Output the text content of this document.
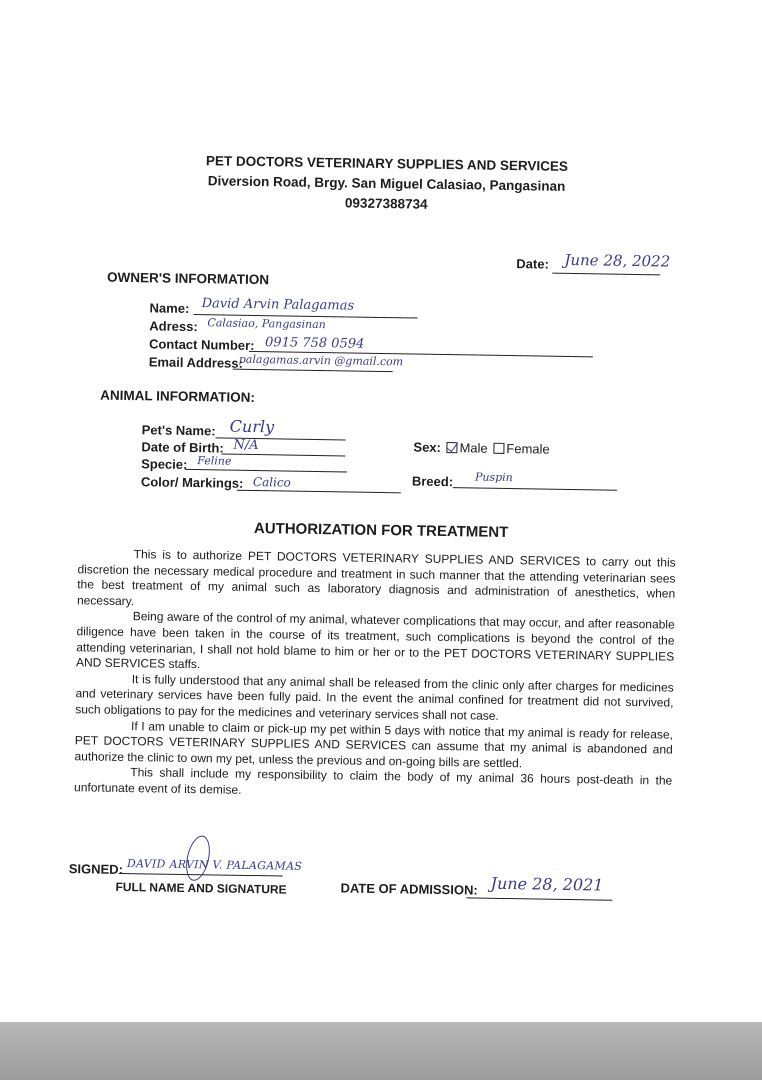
PET DOCTORS VETERINARY SUPPLIES AND SERVICES
Diversion Road, Brgy. San Miguel Calasiao, Pangasinan
09327388734
Date: June 28, 2022
OWNER'S INFORMATION
Name: David Arvin Palagamas
Adress: Calasiao, Pangasinan
Contact Number: 0915 758 0594
Email Address:
palagamas.arvin @gmail.com
ANIMAL INFORMATION:
Pet's Name: Curly
Date of Birth: N/A
Specie: Feline
Color/ Markings: Calico
Sex: Male Female
Breed: Puspin
AUTHORIZATION FOR TREATMENT

This is to authorize PET DOCTORS VETERINARY SUPPLIES AND SERVICES to carry out this discretion the necessary medical procedure and treatment in such manner that the attending veterinarian sees the best treatment of my animal such as laboratory diagnosis and administration of anesthetics, when necessary.

Being aware of the control of my animal, whatever complications that may occur, and after reasonable diligence have been taken in the course of its treatment, such complications is beyond the control of the attending veterinarian, I shall not hold blame to him or her or to the PET DOCTORS VETERINARY SUPPLIES AND SERVICES staffs.

It is fully understood that any animal shall be released from the clinic only after charges for medicines and veterinary services have been fully paid. In the event the animal confined for treatment did not survived, such obligations to pay for the medicines and veterinary services shall not case.

If I am unable to claim or pick-up my pet within 5 days with notice that my animal is ready for release, PET DOCTORS VETERINARY SUPPLIES AND SERVICES can assume that my animal is abandoned and authorize the clinic to own my pet, unless the previous and on-going bills are settled.

This shall include my responsibility to claim the body of my animal 36 hours post-death in the unfortunate event of its demise.

SIGNED: DAVID ARVIN V. PALAGAMAS
FULL NAME AND SIGNATURE	DATE OF ADMISSION: June 28, 2021
